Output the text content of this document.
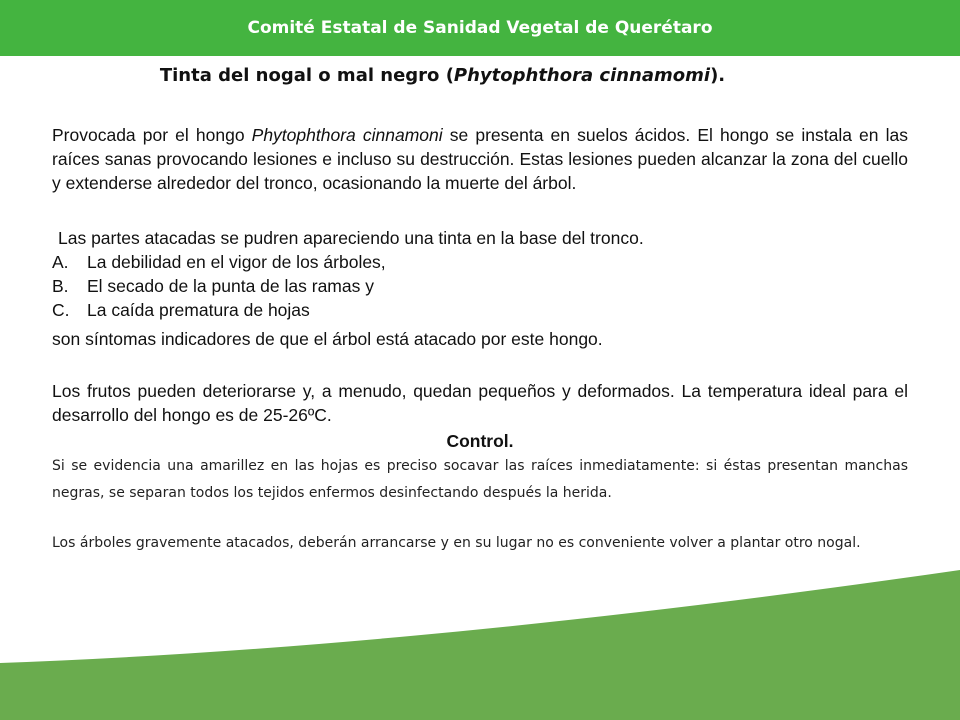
Comité Estatal de Sanidad Vegetal de Querétaro
Tinta del nogal o mal negro (Phytophthora cinnamomi).
Provocada por el hongo Phytophthora cinnamoni se presenta en suelos ácidos. El hongo se instala en las raíces sanas provocando lesiones e incluso su destrucción. Estas lesiones pueden alcanzar la zona del cuello y extenderse alrededor del tronco, ocasionando la muerte del árbol.
Las partes atacadas se pudren apareciendo una tinta en la base del tronco.
A. La debilidad en el vigor de los árboles,
B. El secado de la punta de las ramas y
C. La caída prematura de hojas
son síntomas indicadores de que el árbol está atacado por este hongo.
Los frutos pueden deteriorarse y, a menudo, quedan pequeños y deformados. La temperatura ideal para el desarrollo del hongo es de 25-26ºC.
Control.
Si se evidencia una amarillez en las hojas es preciso socavar las raíces inmediatamente: si éstas presentan manchas negras, se separan todos los tejidos enfermos desinfectando después la herida.
Los árboles gravemente atacados, deberán arrancarse y en su lugar no es conveniente volver a plantar otro nogal.
